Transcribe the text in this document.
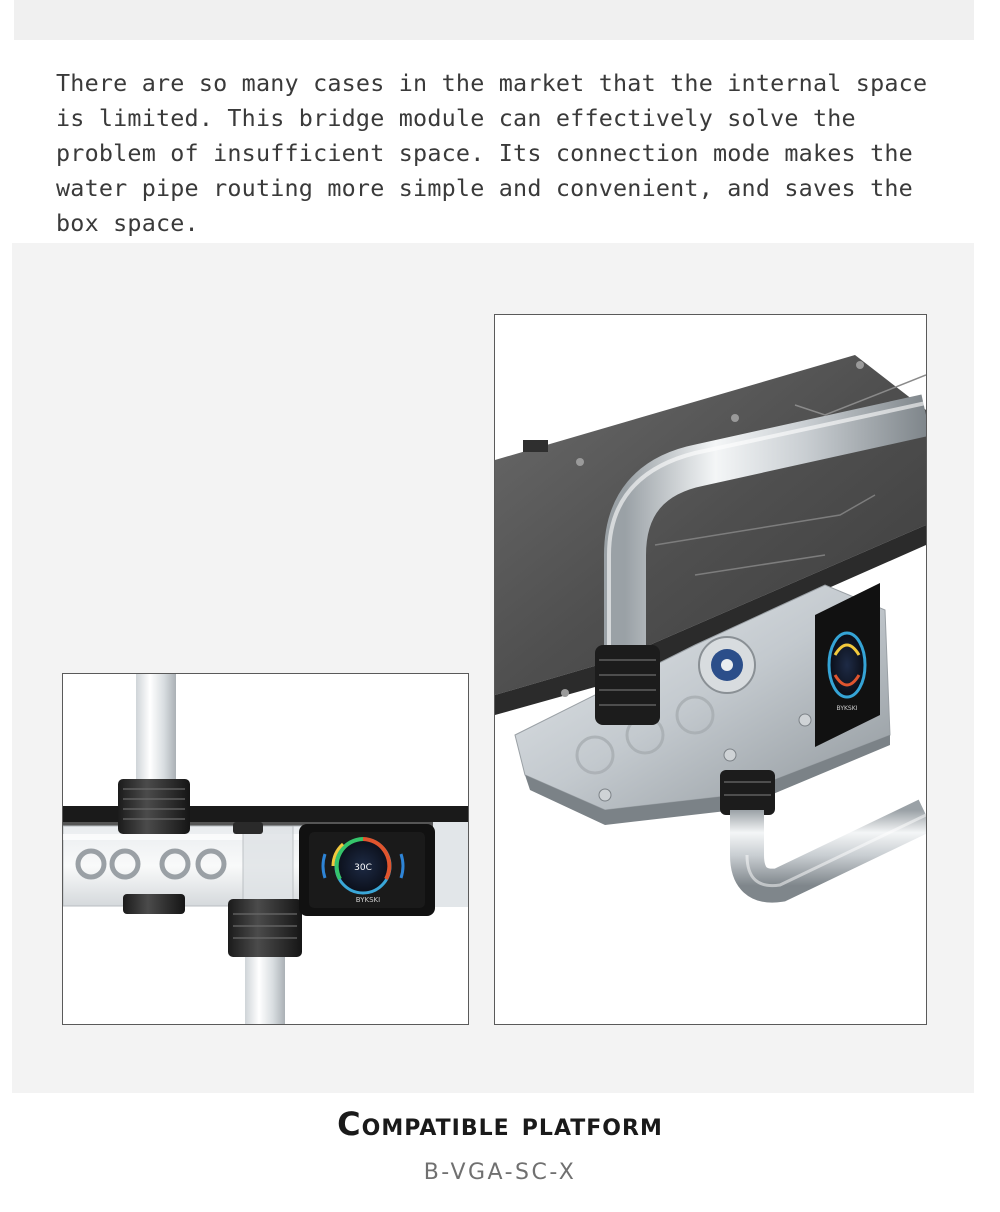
There are so many cases in the market that the internal space
is limited. This bridge module can effectively solve the
problem of insufficient space. Its connection mode makes the
water pipe routing more simple and convenient, and saves the
box space.

30C
BYKSKI
BYKSKI
Compatible platform

B-VGA-SC-X
